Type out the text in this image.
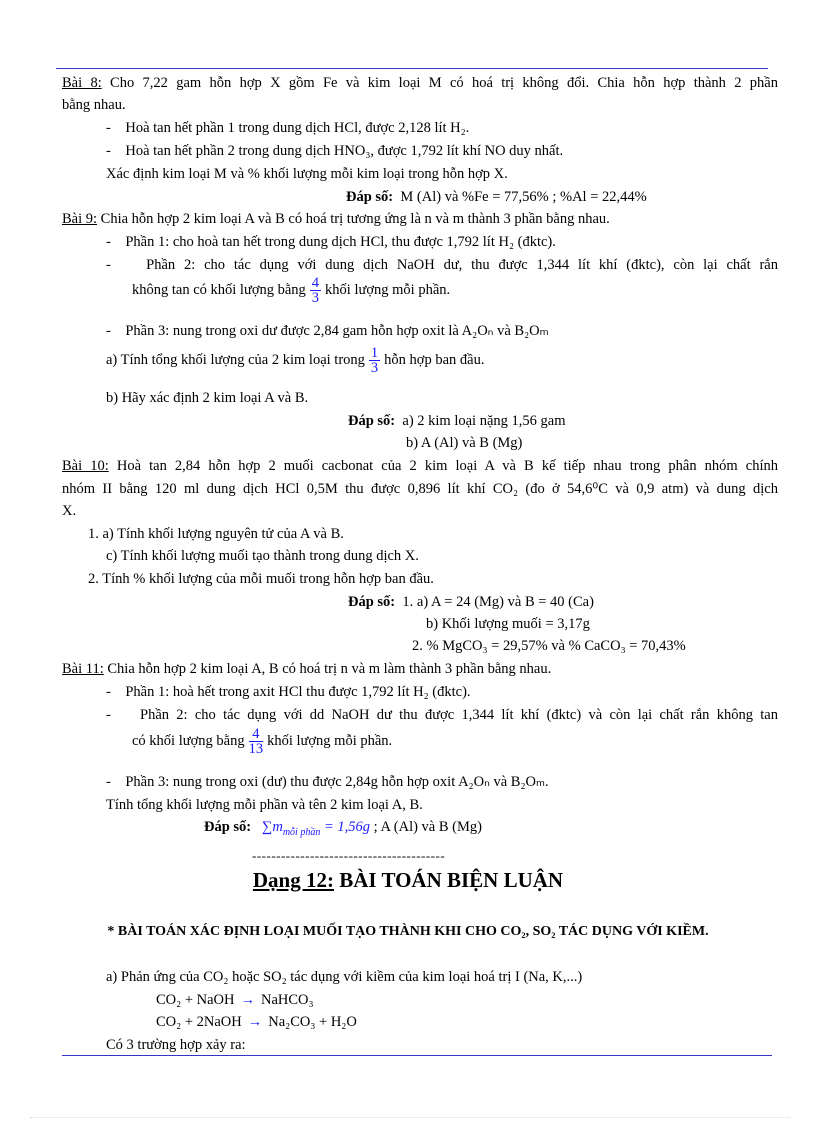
Bài 8: Cho 7,22 gam hỗn hợp X gồm Fe và kim loại M có hoá trị không đổi. Chia hỗn hợp thành 2 phần
bằng nhau.
-    Hoà tan hết phần 1 trong dung dịch HCl, được 2,128 lít H₂.
-    Hoà tan hết phần 2 trong dung dịch HNO₃, được 1,792 lít khí NO duy nhất.
Xác định kim loại M và % khối lượng mỗi kim loại trong hỗn hợp X.
Đáp số: M (Al) và %Fe = 77,56% ; %Al = 22,44%
Bài 9: Chia hỗn hợp 2 kim loại A và B có hoá trị tương ứng là n và m thành 3 phần bằng nhau.
-    Phần 1: cho hoà tan hết trong dung dịch HCl, thu được 1,792 lít H₂ (đktc).
-    Phần 2: cho tác dụng với dung dịch NaOH dư, thu được 1,344 lít khí (đktc), còn lại chất rắn
không tan có khối lượng bằng $\frac{4}{3}$ khối lượng mỗi phần.
-    Phần 3: nung trong oxi dư được 2,84 gam hỗn hợp oxit là A₂Oₙ và B₂Oₘ
a) Tính tổng khối lượng của 2 kim loại trong $\frac{1}{3}$ hỗn hợp ban đầu.
b) Hãy xác định 2 kim loại A và B.
Đáp số: a) 2 kim loại nặng 1,56 gam
b) A (Al) và B (Mg)
Bài 10: Hoà tan 2,84 hỗn hợp 2 muối cacbonat của 2 kim loại A và B kế tiếp nhau trong phân nhóm chính
nhóm II bằng 120 ml dung dịch HCl 0,5M thu được 0,896 lít khí CO₂ (đo ở 54,6⁰C và 0,9 atm) và dung dịch
X.
1. a) Tính khối lượng nguyên tử của A và B.
c) Tính khối lượng muối tạo thành trong dung dịch X.
2. Tính % khối lượng của mỗi muối trong hỗn hợp ban đầu.
Đáp số: 1. a) A = 24 (Mg) và B = 40 (Ca)
b) Khối lượng muối = 3,17g
2. % MgCO₃ = 29,57% và % CaCO₃ = 70,43%
Bài 11: Chia hỗn hợp 2 kim loại A, B có hoá trị n và m làm thành 3 phần bằng nhau.
-    Phần 1: hoà hết trong axit HCl thu được 1,792 lít H₂ (đktc).
-    Phần 2: cho tác dụng với dd NaOH dư thu được 1,344 lít khí (đktc) và còn lại chất rắn không tan
có khối lượng bằng $\frac{4}{13}$ khối lượng mỗi phần.
-    Phần 3: nung trong oxi (dư) thu được 2,84g hỗn hợp oxit A₂Oₙ và B₂Oₘ.
Tính tổng khối lượng mỗi phần và tên 2 kim loại A, B.
Đáp số: $\sum m_{mỗi phần} = 1,56g$ ; A (Al) và B (Mg)
----------------------------------------
Dạng 12: BÀI TOÁN BIỆN LUẬN
* BÀI TOÁN XÁC ĐỊNH LOẠI MUỐI TẠO THÀNH KHI CHO CO₂, SO₂ TÁC DỤNG VỚI KIỀM.
a) Phản ứng của CO₂ hoặc SO₂ tác dụng với kiềm của kim loại hoá trị I (Na, K,...)
CO₂ + NaOH → NaHCO₃
CO₂ + 2NaOH → Na₂CO₃ + H₂O
Có 3 trường hợp xảy ra:
